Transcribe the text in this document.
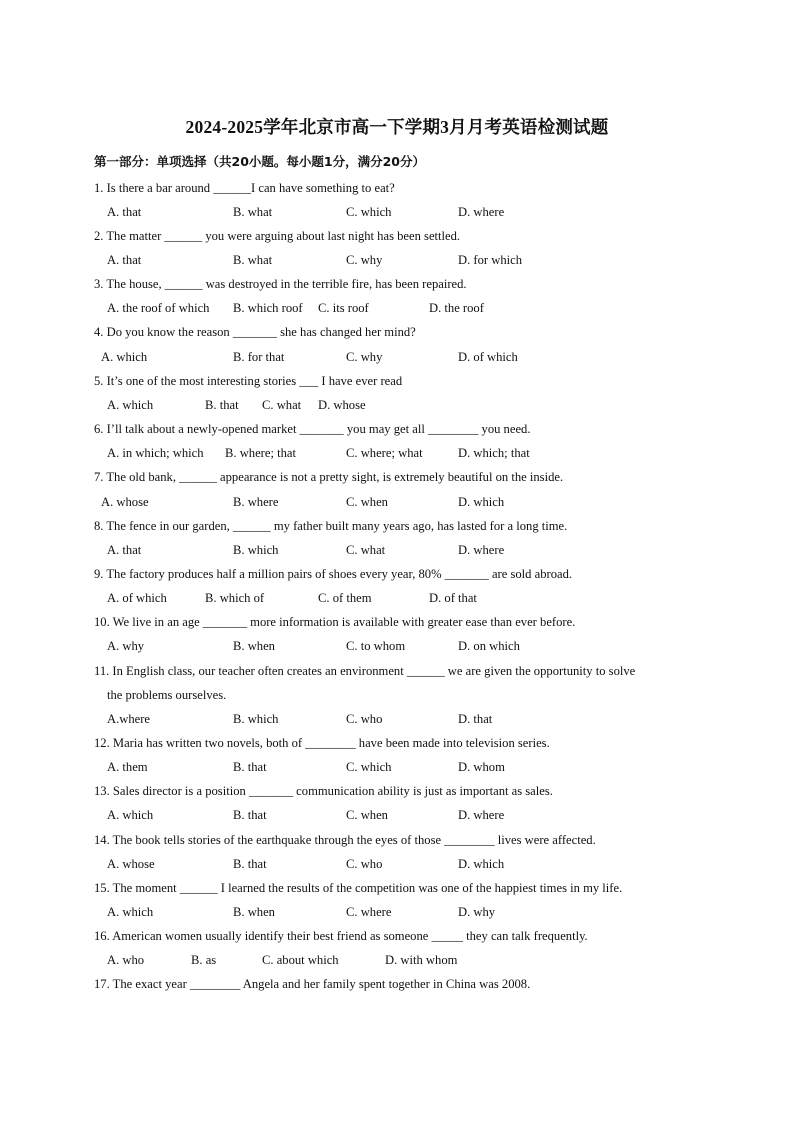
2024-2025学年北京市高一下学期3月月考英语检测试题
第一部分：单项选择（共20小题。每小题1分，满分20分）
1. Is there a bar around ______I can have something to eat?
A. that	B. what	C. which	D. where
2. The matter ______ you were arguing about last night has been settled.
A. that	B. what	C. why	D. for which
3. The house, ______ was destroyed in the terrible fire, has been repaired.
A. the roof of which B. which roof C. its roof	D. the roof
4. Do you know the reason _______ she has changed her mind?
A. which	B. for that	C. why	D. of which
5. It’s one of the most interesting stories ___ I have ever read
A. which	B. that C. what D. whose
6. I’ll talk about a newly-opened market _______ you may get all ________ you need.
A. in which; which B. where; that	C. where; what	D. which; that
7. The old bank, ______ appearance is not a pretty sight, is extremely beautiful on the inside.
A. whose	B. where	C. when	D. which
8. The fence in our garden, ______ my father built many years ago, has lasted for a long time.
A. that	B. which	C. what	D. where
9. The factory produces half a million pairs of shoes every year, 80% _______ are sold abroad.
A. of which	B. which of	C. of them	D. of that
10. We live in an age _______ more information is available with greater ease than ever before.
A. why	B. when	C. to whom	D. on which
11. In English class, our teacher often creates an environment ______ we are given the opportunity to solve
the problems ourselves.
A.where	B. which	C. who	D. that
12. Maria has written two novels, both of ________ have been made into television series.
A. them	B. that	C. which	D. whom
13. Sales director is a position _______ communication ability is just as important as sales.
A. which	B. that	C. when	D. where
14. The book tells stories of the earthquake through the eyes of those ________ lives were affected.
A. whose	B. that	C. who	D. which
15. The moment ______ I learned the results of the competition was one of the happiest times in my life.
A. which	B. when	C. where	D. why
16. American women usually identify their best friend as someone _____ they can talk frequently.
A. who	B. as	C. about which	D. with whom
17. The exact year ________ Angela and her family spent together in China was 2008.
